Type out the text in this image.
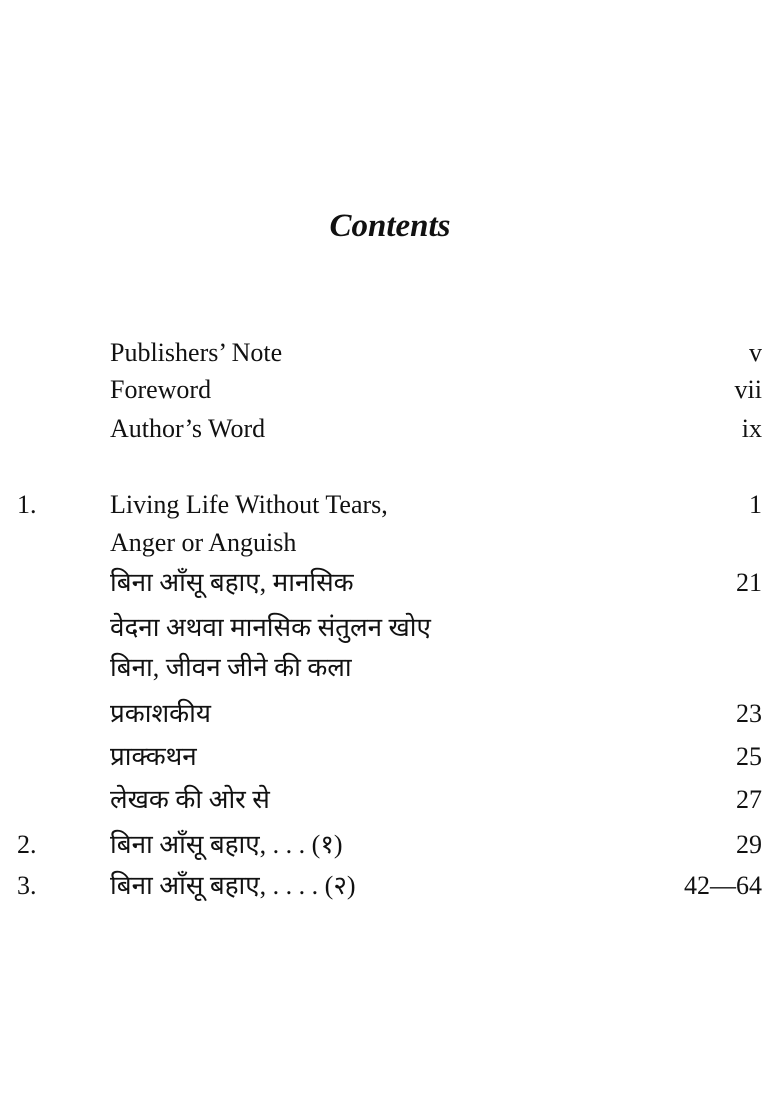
Contents
Publishers’ Note	v
Foreword	vii
Author’s Word	ix
1.	Living Life Without Tears,	1
Anger or Anguish
बिना आँसू बहाए, मानसिक	21
वेदना अथवा मानसिक संतुलन खोए
बिना, जीवन जीने की कला
प्रकाशकीय	23
प्राक्कथन	25
लेखक की ओर से	27
2.	बिना आँसू बहाए, . . . (१)	29
3.	बिना आँसू बहाए, . . . . (२)	42—64
